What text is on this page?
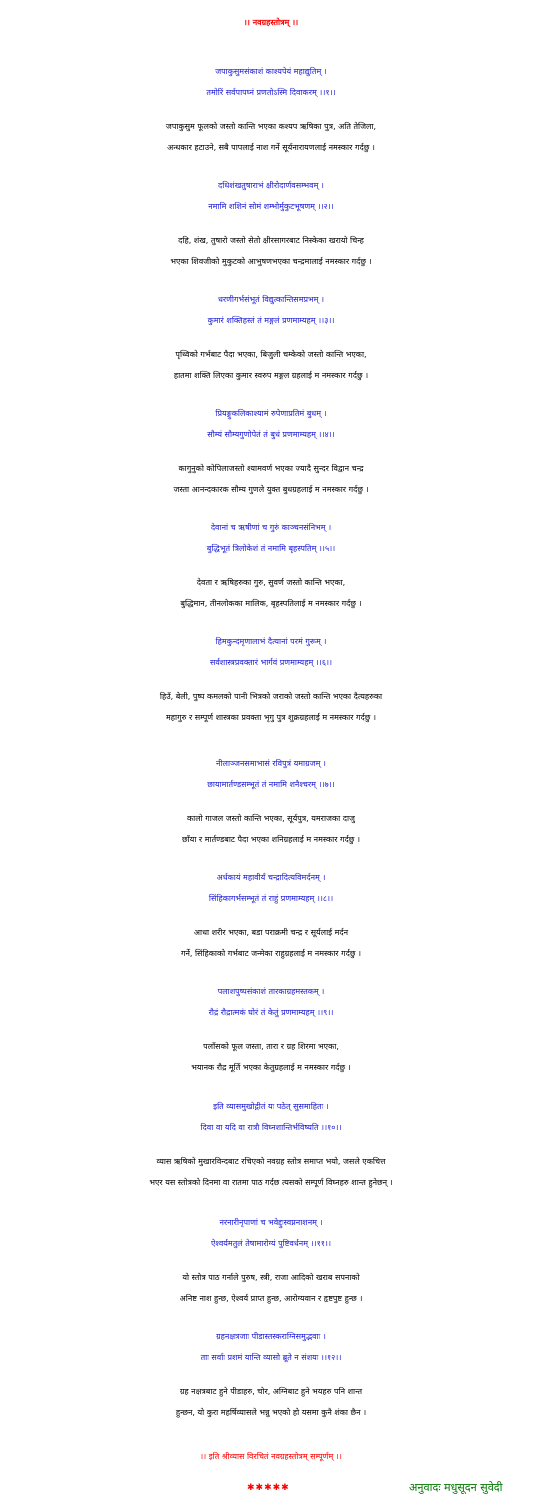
।। नवग्रहस्तोत्रम् ।।
जपाकुसुमसंकाशं काश्यपेयं महाद्युतिम् ।
तमोरिं सर्वपापघ्नं प्रणतोऽस्मि दिवाकरम् ।।१।।
जपाकुसुम फूलको जस्तो कान्ति भएका कश्यप ऋषिका पुत्र, अति तेजिला,
अन्धकार हटाउने, सबै पापलाई नाश गर्ने सूर्यनारायणलाई नमस्कार गर्दछु ।
दधिशंखतुषाराभं क्षीरोदार्णवसम्भवम् ।
नमामि शशिनं सोमं शम्भोर्मुकुटभूषणम् ।।२।।
दहि, शंख, तुषारो जस्तो सेतो क्षीरसागरबाट निस्केका खरायो चिन्ह
भएका शिवजीको मुकुटको आभुषणभएका चन्द्रमालाई नमस्कार गर्दछु ।
धरणीगर्भसंभूतं विद्युत्कान्तिसमप्रभम् ।
कुमारं शक्तिहस्तं तं मङ्गलं प्रणमाम्यहम् ।।३।।
पृथ्विको गर्भबाट पैदा भएका, बिजुली चम्केको जस्तो कान्ति भएका,
हातमा शक्ति लिएका कुमार स्वरुप मङ्गल ग्रहलाई म नमस्कार गर्दछु ।
प्रियङ्गुकलिकाश्यामं रुपेणाप्रतिमं बुधम् ।
सौम्यं सौम्यगुणोपेतं तं बुधं प्रणमाम्यहम् ।।४।।
कागुनुको कोपिलाजस्तो श्यामवर्ण भएका ज्यादै सुन्दर विद्वान चन्द्र
जस्ता आनन्दकारक सौम्य गुणले युक्त बुधग्रहलाई म नमस्कार गर्दछु ।
देवानां च ऋषीणां च गुरुं काञ्चनसंनिभम् ।
बुद्धिभूतं त्रिलोकेशं तं नमामि बृहस्पतिम् ।।५।।
देवता र ऋषिहरुका गुरु, सुवर्ण जस्तो कान्ति भएका,
बुद्धिमान, तीनलोकका मालिक, बृहस्पतिलाई म नमस्कार गर्दछु ।
हिमकुन्दमृणालाभं दैत्यानां परमं गुरूम् ।
सर्वशास्त्रप्रवक्तारं भार्गवं प्रणमाम्यहम् ।।६।।
हिउँ, बेली, पुष्प कमलको पानी भित्रको जराको जस्तो कान्ति भएका दैत्यहरुका
महागुरु र सम्पूर्ण शास्त्रका प्रवक्ता भृगु पुत्र शुक्रग्रहलाई म नमस्कार गर्दछु ।
नीलाञ्जनसमाभासं रविपुत्रं यमाग्रजम् ।
छायामार्तण्डसम्भूतं तं नमामि शनैश्चरम् ।।७।।
कालो गाजल जस्तो कान्ति भएका, सूर्यपुत्र, यमराजका दाजु
छाँया र मार्तण्डबाट पैदा भएका शनिग्रहलाई म नमस्कार गर्दछु ।
अर्धकायं महावीर्यं चन्द्रादित्यविमर्दनम् ।
सिंहिकागर्भसम्भूतं तं राहुं प्रणमाम्यहम् ।।८।।
आधा शरीर भएका, बडा पराक्रमी चन्द्र र सूर्यलाई मर्दन
गर्ने, सिंहिकाको गर्भबाट जन्मेका राहुग्रहलाई म नमस्कार गर्दछु ।
पलाशपुष्पसंकाशं तारकाग्रहमस्तकम् ।
रौद्रं रौद्रात्मकं घोरं तं केतुं प्रणमाम्यहम् ।।९।।
पलाँसको फूल जस्ता, तारा र ग्रह शिरमा भएका,
भयानक रौद्र मूर्ति भएका केतुग्रहलाई म नमस्कार गर्दछु ।
इति व्यासमुखोद्गीतं यः पठेत् सुसमाहितः ।
दिवा वा यदि वा रात्रौ विघ्नशान्तिर्भविष्यति ।।१०।।
व्यास ऋषिको मुखारविन्दबाट रचिएको नवग्रह स्तोत्र समाप्त भयो, जसले एकचित्त
भएर यस स्तोत्रको दिनमा वा रातमा पाठ गर्दछ त्यसको सम्पूर्ण विघ्नहरु शान्त हुनेछन् ।
नरनारीनृपाणां च भवेद्दुःस्वप्ननाशनम् ।
ऐश्वर्यमतुलं तेषामारोग्यं पुष्टिवर्धनम् ।।११।।
यो स्तोत्र पाठ गर्नाले पुरुष, स्त्री, राजा आदिको खराब सपनाको
अनिष्ट नाश हुन्छ, ऐश्वर्य प्राप्त हुन्छ, आरोग्यवान र हृष्टपुष्ट हुन्छ ।
ग्रहनक्षत्रजाः पीडास्तस्कराग्निसमुद्भवाः ।
ताः सर्वाः प्रशमं यान्ति व्यासो ब्रूते न संशयः ।।१२।।
ग्रह नक्षत्रबाट हुने पीडाहरु, चोर, अग्निबाट हुने भयहरु पनि शान्त
हुन्छन, यो कुरा महर्षिव्यासले भन्नु भएको हो यसमा कुनै शंका छैन ।
।। इति श्रीव्यास विरचितं नवग्रहस्तोत्रम् सम्पूर्णम् ।।
✱✱✱✱✱	अनुवादः मधुसूदन सुवेदी
